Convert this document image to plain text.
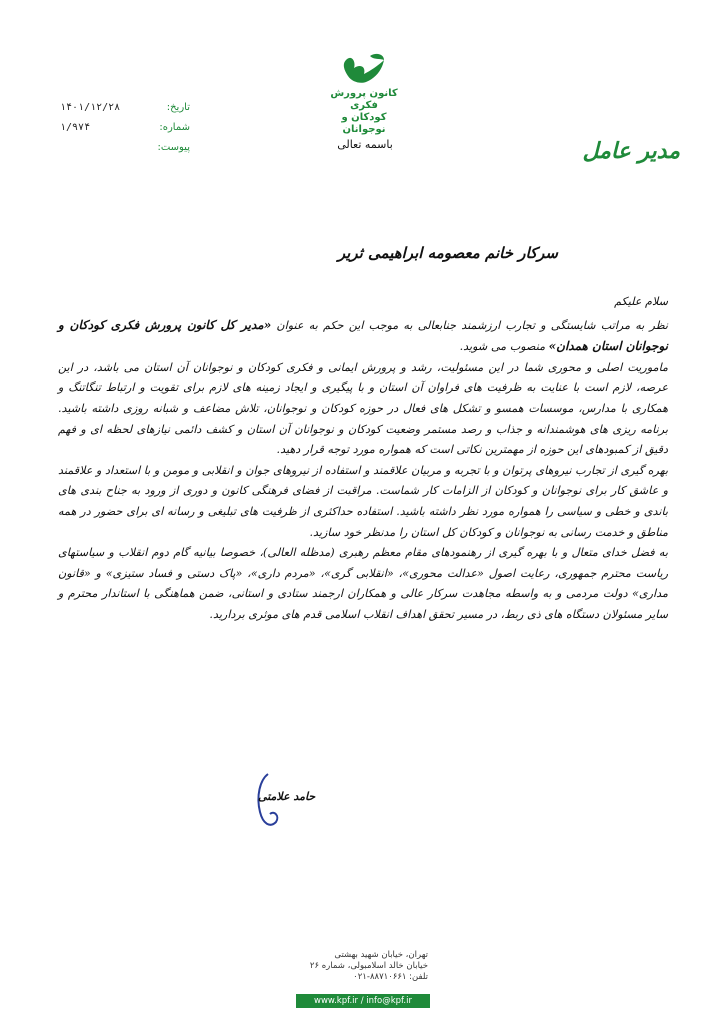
کانون پرورش فکری
کودکان و نوجوانان
باسمه تعالی
تاریخ:
۱۴۰۱/۱۲/۲۸
شماره:
۱/۹۷۴
پیوست:	مدیر عامل
سرکار خانم معصومه ابراهیمی ثریر

سلام علیکم

نظر به مراتب شایستگی و تجارب ارزشمند جنابعالی به موجب این حکم به عنوان «مدیر کل کانون پرورش فکری کودکان و نوجوانان استان همدان» منصوب می شوید.

ماموریت اصلی و محوری شما در این مسئولیت، رشد و پرورش ایمانی و فکری کودکان و نوجوانان آن استان می باشد، در این عرصه، لازم است با عنایت به ظرفیت های فراوان آن استان و با پیگیری و ایجاد زمینه های لازم برای تقویت و ارتباط تنگاتنگ و همکاری با مدارس، موسسات همسو و تشکل های فعال در حوزه کودکان و نوجوانان، تلاش مضاعف و شبانه روزی داشته باشید. برنامه ریزی های هوشمندانه و جذاب و رصد مستمر وضعیت کودکان و نوجوانان آن استان و کشف دائمی نیازهای لحظه ای و فهم دقیق از کمبودهای این حوزه از مهمترین نکاتی است که همواره مورد توجه قرار دهید.

بهره گیری از تجارب نیروهای پرتوان و با تجربه و مربیان علاقمند و استفاده از نیروهای جوان و انقلابی و مومن و با استعداد و علاقمند و عاشق کار برای نوجوانان و کودکان از الزامات کار شماست. مراقبت از فضای فرهنگی کانون و دوری از ورود به جناح بندی های باندی و خطی و سیاسی را همواره مورد نظر داشته باشید. استفاده حداکثری از ظرفیت های تبلیغی و رسانه ای برای حضور در همه مناطق و خدمت رسانی به نوجوانان و کودکان کل استان را مدنظر خود سازید.

به فضل خدای متعال و با بهره گیری از رهنمودهای مقام معظم رهبری (مدظله العالی)، خصوصا بیانیه گام دوم انقلاب و سیاستهای ریاست محترم جمهوری، رعایت اصول «عدالت محوری»، «انقلابی گری»، «مردم داری»، «پاک دستی و فساد ستیزی» و «قانون مداری» دولت مردمی و به واسطه مجاهدت سرکار عالی و همکاران ارجمند ستادی و استانی، ضمن هماهنگی با استاندار محترم و سایر مسئولان دستگاه های ذی ربط، در مسیر تحقق اهداف انقلاب اسلامی قدم های موثری بردارید.

حامد علامتی
تهران، خیابان شهید بهشتی
خیابان خالد اسلامبولی، شماره ۲۶
تلفن: ۸۸۷۱۰۶۶۱-۰۲۱
www.kpf.ir / info@kpf.ir
